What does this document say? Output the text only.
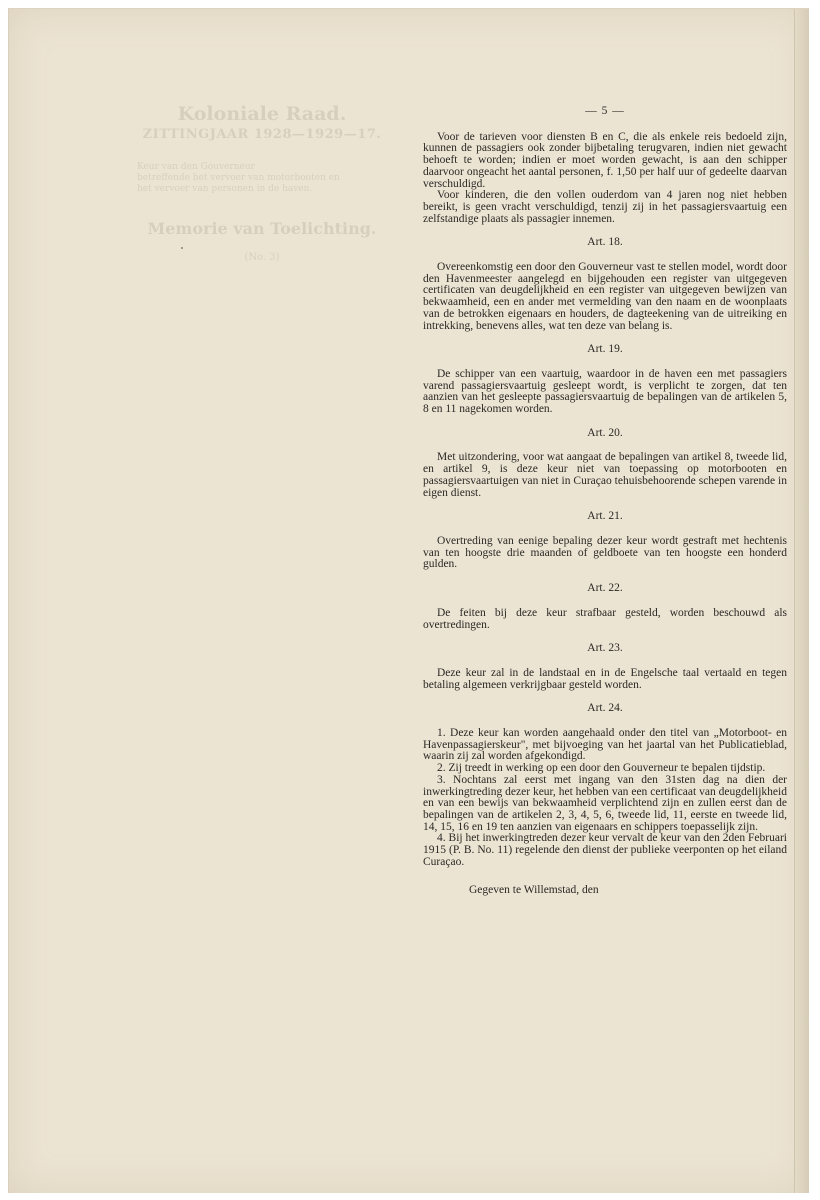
Koloniale Raad.
ZITTINGJAAR 1928—1929—17.
Keur van den Gouverneur
betreffende het vervoer van motorbooten en
het vervoer van personen in de haven.
Memorie van Toelichting.
(No. 3)
— 5 —

Voor de tarieven voor diensten B en C, die als enkele reis bedoeld zijn, kunnen de passagiers ook zonder bijbetaling terugvaren, indien niet gewacht behoeft te worden; indien er moet worden gewacht, is aan den schipper daarvoor ongeacht het aantal personen, f. 1,50 per half uur of gedeelte daarvan verschuldigd.

Voor kinderen, die den vollen ouderdom van 4 jaren nog niet hebben bereikt, is geen vracht verschuldigd, tenzij zij in het passagiersvaartuig een zelfstandige plaats als passagier innemen.

Art. 18.

Overeenkomstig een door den Gouverneur vast te stellen model, wordt door den Havenmeester aangelegd en bijgehouden een register van uitgegeven certificaten van deugdelijkheid en een register van uitgegeven bewijzen van bekwaamheid, een en ander met vermelding van den naam en de woonplaats van de betrokken eigenaars en houders, de dagteekening van de uitreiking en intrekking, benevens alles, wat ten deze van belang is.

Art. 19.

De schipper van een vaartuig, waardoor in de haven een met passagiers varend passagiersvaartuig gesleept wordt, is verplicht te zorgen, dat ten aanzien van het gesleepte passagiersvaartuig de bepalingen van de artikelen 5, 8 en 11 nagekomen worden.

Art. 20.

Met uitzondering, voor wat aangaat de bepalingen van artikel 8, tweede lid, en artikel 9, is deze keur niet van toepassing op motorbooten en passagiersvaartuigen van niet in Curaçao tehuisbehoorende schepen varende in eigen dienst.

Art. 21.

Overtreding van eenige bepaling dezer keur wordt gestraft met hechtenis van ten hoogste drie maanden of geldboete van ten hoogste een honderd gulden.

Art. 22.

De feiten bij deze keur strafbaar gesteld, worden beschouwd als overtredingen.

Art. 23.

Deze keur zal in de landstaal en in de Engelsche taal vertaald en tegen betaling algemeen verkrijgbaar gesteld worden.

Art. 24.

1. Deze keur kan worden aangehaald onder den titel van „Motorboot- en Havenpassagierskeur", met bijvoeging van het jaartal van het Publicatieblad, waarin zij zal worden afgekondigd.

2. Zij treedt in werking op een door den Gouverneur te bepalen tijdstip.

3. Nochtans zal eerst met ingang van den 31sten dag na dien der inwerkingtreding dezer keur, het hebben van een certificaat van deugdelijkheid en van een bewijs van bekwaamheid verplichtend zijn en zullen eerst dan de bepalingen van de artikelen 2, 3, 4, 5, 6, tweede lid, 11, eerste en tweede lid, 14, 15, 16 en 19 ten aanzien van eigenaars en schippers toepasselijk zijn.

4. Bij het inwerkingtreden dezer keur vervalt de keur van den 2den Februari 1915 (P. B. No. 11) regelende den dienst der publieke veerponten op het eiland Curaçao.

Gegeven te Willemstad, den
